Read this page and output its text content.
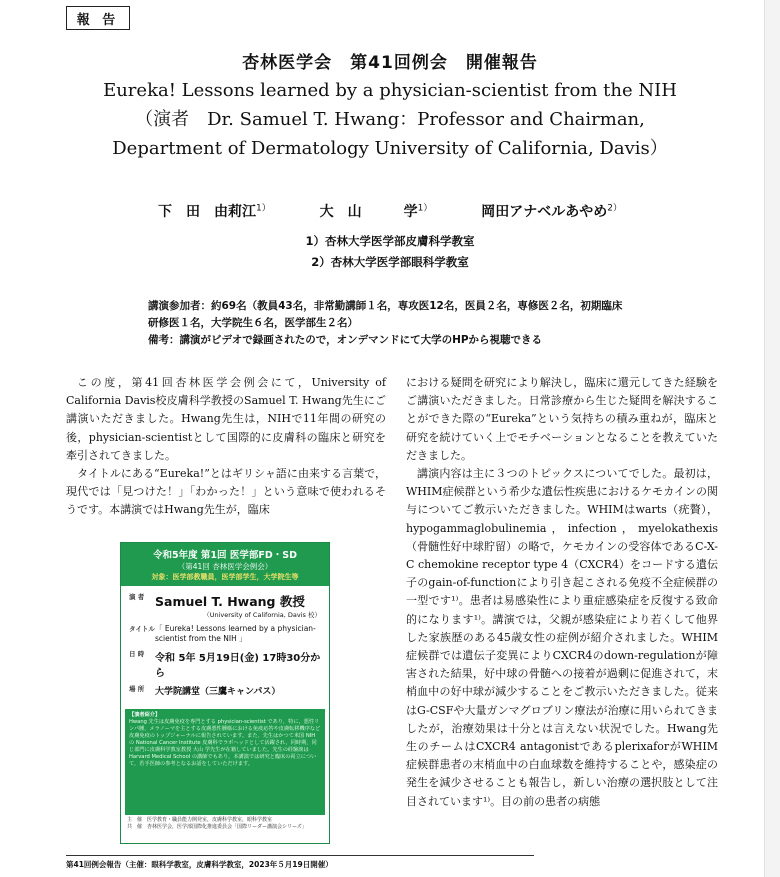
報 告
杏林医学会　第41回例会　開催報告
Eureka! Lessons learned by a physician-scientist from the NIH
（演者　Dr. Samuel T. Hwang：Professor and Chairman,
Department of Dermatology University of California, Davis）
下　田　由莉江$^{1)}$	大　山　　　学$^{1)}$	岡田アナベルあやめ$^{2)}$
1）杏林大学医学部皮膚科学教室
2）杏林大学医学部眼科学教室
講演参加者：約69名（教員43名，非常勤講師１名，専攻医12名，医員２名，専修医２名，初期臨床
研修医１名，大学院生６名，医学部生２名）
備考：講演がビデオで録画されたので，オンデマンドにて大学のHPから視聴できる

この度，第41回杏林医学会例会にて，University of California Davis校皮膚科学教授のSamuel T. Hwang先生にご講演いただきました。Hwang先生は，NIHで11年間の研究の後，physician-scientistとして国際的に皮膚科の臨床と研究を牽引されてきました。

タイトルにある“Eureka!”とはギリシャ語に由来する言葉で，現代では「見つけた！」「わかった！」という意味で使われるそうです。本講演ではHwang先生が，臨床

令和5年度 第1回 医学部FD・SD
（第41回 杏林医学会例会）
対象：医学部教職員，医学部学生，大学院生等
演 者 Samuel T. Hwang 教授
（University of California, Davis 校）
タイトル 「 Eureka! Lessons learned by a physician-scientist from the NIH 」
日 時	令和 5年 5月19日(金) 17時30分から
場 所	大学院講堂（三鷹キャンパス）
【演者紹介】
Hwang 先生は皮膚免疫を専門とする physician-scientist であり，特に，悪性リンパ腫，メラノーマを主とする皮膚悪性腫瘍における免疫応答や皮膚転移機序など皮膚免疫のトップジャーナルに報告されています。また，先生はかつて米国 NIH の National Cancer Institute 皮膚科でラボヘッドとして活躍され，同時期，同じ部門に皮膚科学教室教授 大山 学先生が在籍していました。先生の経験談は Harvard Medical School の講師でもあり，本講演では研究と臨床の両立について，若手医師の参考となるお話をしていただけます。
主　催　医学教育・職員能力開発室，皮膚科学教室，眼科学教室
共　催　杏林医学会，医学部国際化推進委員会「国際リーダー講演会シリーズ」

における疑問を研究により解決し，臨床に還元してきた経験をご講演いただきました。日常診療から生じた疑問を解決することができた際の“Eureka”という気持ちの積み重ねが，臨床と研究を続けていく上でモチベーションとなることを教えていただきました。

講演内容は主に３つのトピックスについてでした。最初は，WHIM症候群という希少な遺伝性疾患におけるケモカインの関与についてご教示いただきました。WHIMはwarts（疣贅），hypogammaglobulinemia，infection，myelokathexis（骨髄性好中球貯留）の略で，ケモカインの受容体であるC-X-C chemokine receptor type 4（CXCR4）をコードする遺伝子のgain-of-functionにより引き起こされる免疫不全症候群の一型です¹⁾。患者は易感染性により重症感染症を反復する致命的になります¹⁾。講演では，父親が感染症により若くして他界した家族歴のある45歳女性の症例が紹介されました。WHIM症候群では遺伝子変異によりCXCR4のdown-regulationが障害された結果，好中球の骨髄への接着が過剰に促進されて，末梢血中の好中球が減少することをご教示いただきました。従来はG-CSFや大量ガンマグロブリン療法が治療に用いられてきましたが，治療効果は十分とは言えない状況でした。Hwang先生のチームはCXCR4 antagonistであるplerixaforがWHIM症候群患者の末梢血中の白血球数を維持することや，感染症の発生を減少させることも報告し，新しい治療の選択肢として注目されています¹⁾。目の前の患者の病態

第41回例会報告（主催：眼科学教室，皮膚科学教室，2023年５月19日開催）
